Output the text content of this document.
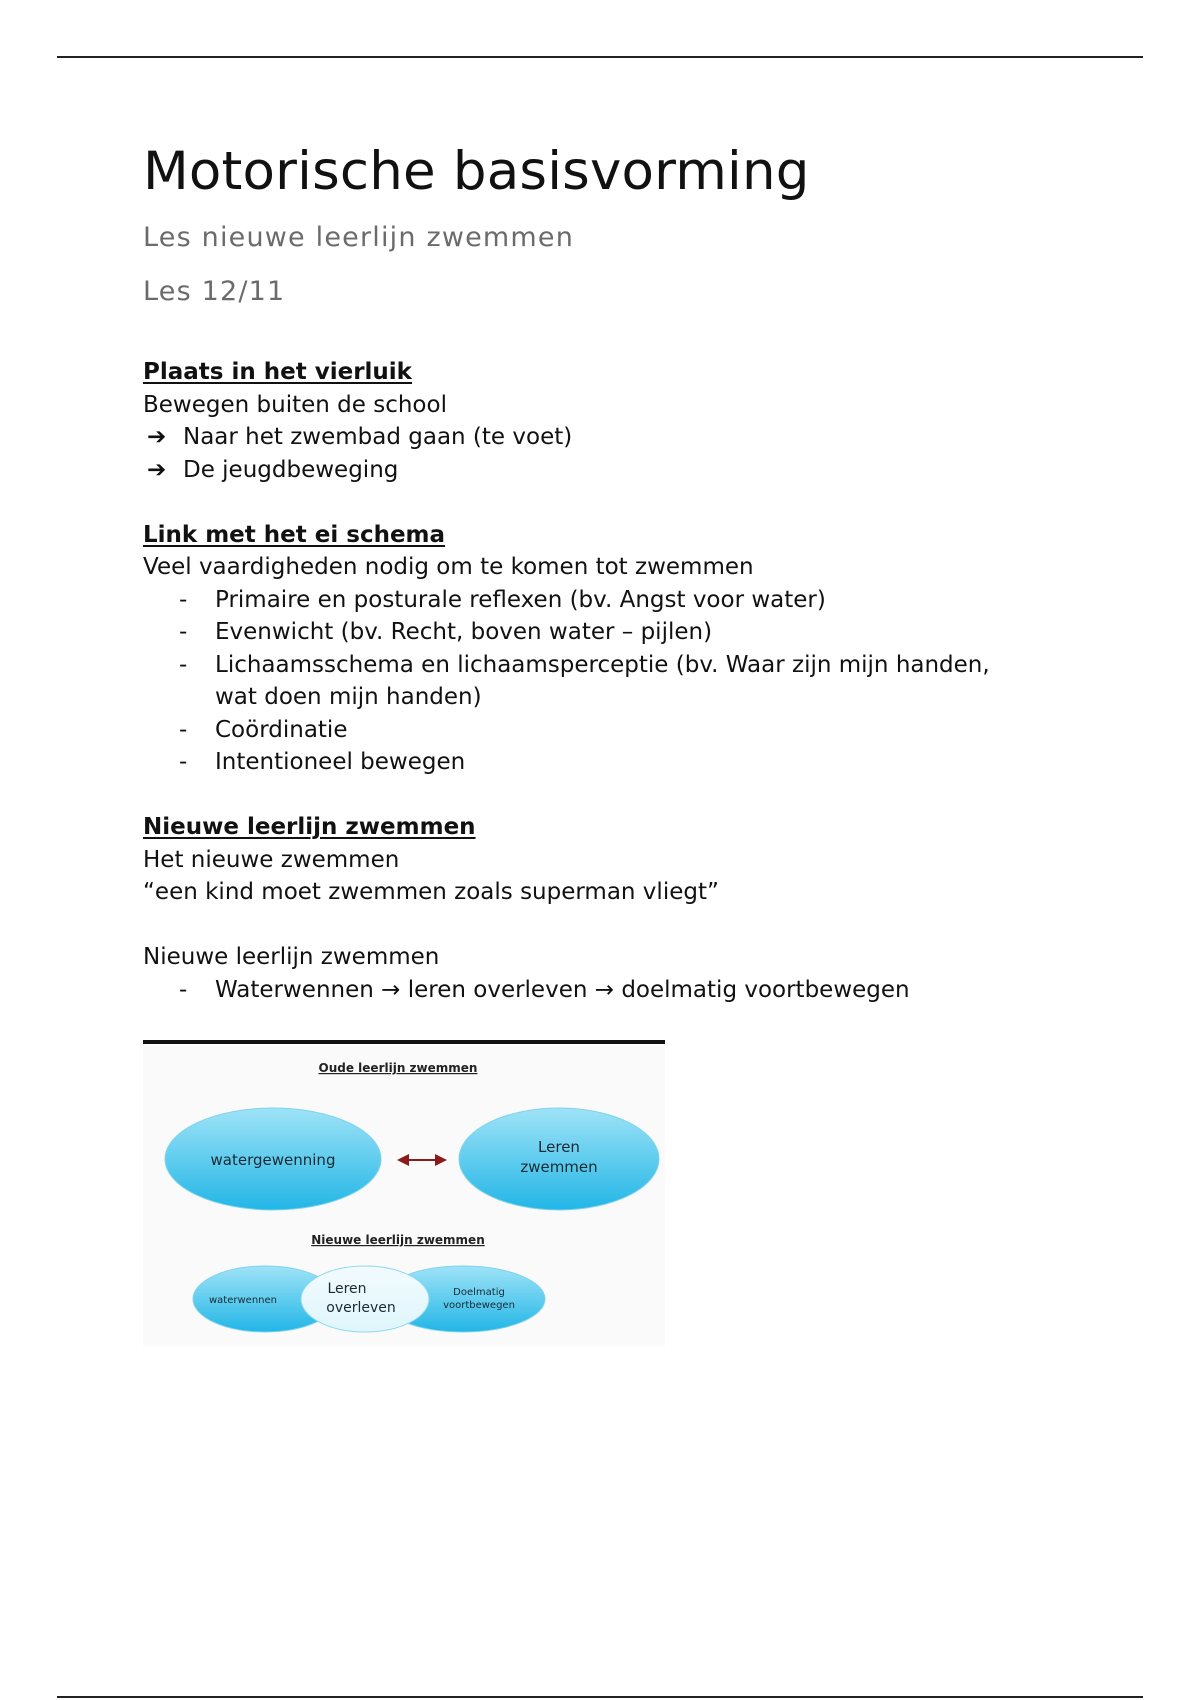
Motorische basisvorming
Les nieuwe leerlijn zwemmen
Les 12/11
Plaats in het vierluik
Bewegen buiten de school
➔ Naar het zwembad gaan (te voet)
➔ De jeugdbeweging
Link met het ei schema
Veel vaardigheden nodig om te komen tot zwemmen
-	Primaire en posturale reflexen (bv. Angst voor water)
-	Evenwicht (bv. Recht, boven water – pijlen)
-	Lichaamsschema en lichaamsperceptie (bv. Waar zijn mijn handen, wat doen mijn handen)
-	Coördinatie
-	Intentioneel bewegen
Nieuwe leerlijn zwemmen
Het nieuwe zwemmen
“een kind moet zwemmen zoals superman vliegt”
Nieuwe leerlijn zwemmen
-	Waterwennen → leren overleven → doelmatig voortbewegen
Oude leerlijn zwemmen
watergewenning
Leren
zwemmen
Nieuwe leerlijn zwemmen
waterwennen
Doelmatig
voortbewegen
Leren
overleven
